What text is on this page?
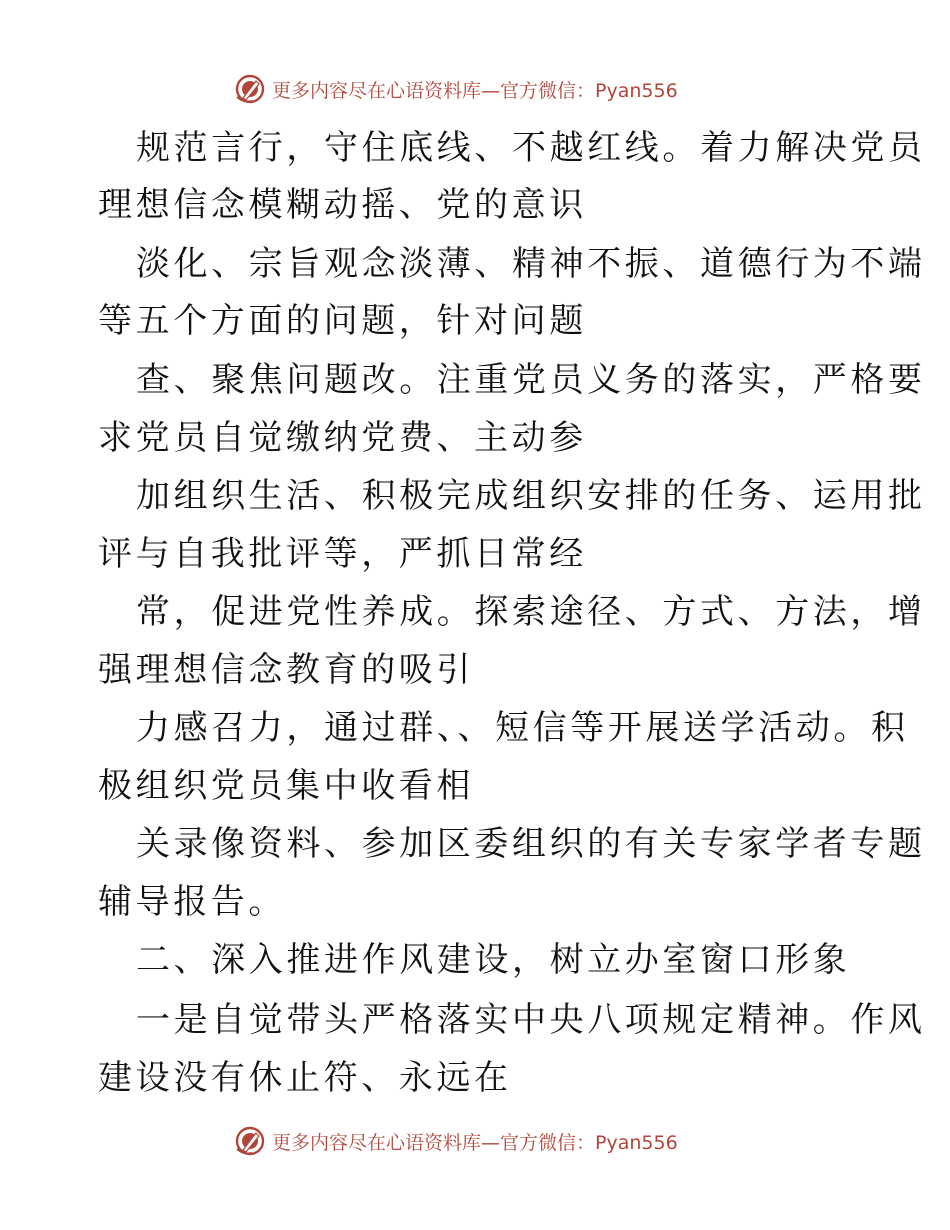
更多内容尽在心语资料库—官方微信：Pyan556
规范言行，守住底线、不越红线。着力解决党员
理想信念模糊动摇、党的意识
淡化、宗旨观念淡薄、精神不振、道德行为不端
等五个方面的问题，针对问题
查、聚焦问题改。注重党员义务的落实，严格要
求党员自觉缴纳党费、主动参
加组织生活、积极完成组织安排的任务、运用批
评与自我批评等，严抓日常经
常，促进党性养成。探索途径、方式、方法，增
强理想信念教育的吸引
力感召力，通过群、、短信等开展送学活动。积
极组织党员集中收看相
关录像资料、参加区委组织的有关专家学者专题
辅导报告。
二、深入推进作风建设，树立办室窗口形象
一是自觉带头严格落实中央八项规定精神。作风
建设没有休止符、永远在
更多内容尽在心语资料库—官方微信：Pyan556
